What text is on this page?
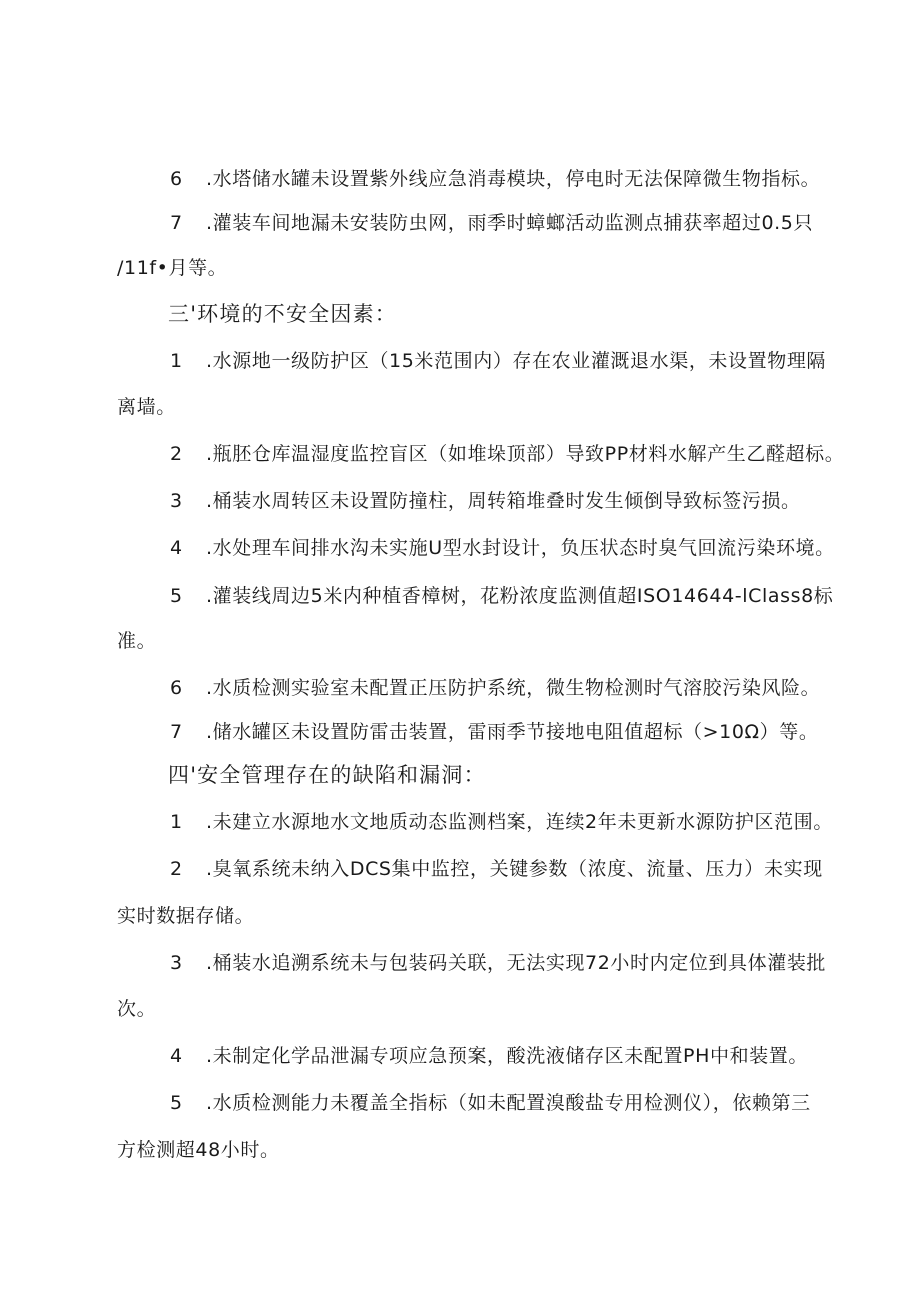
6 .水塔储水罐未设置紫外线应急消毒模块，停电时无法保障微生物指标。
7 .灌装车间地漏未安装防虫网，雨季时蟑螂活动监测点捕获率超过0.5只
/11f•月等。
三'环境的不安全因素：
1 .水源地一级防护区（15米范围内）存在农业灌溉退水渠，未设置物理隔
离墙。
2 .瓶胚仓库温湿度监控盲区（如堆垛顶部）导致PP材料水解产生乙醛超标。
3 .桶装水周转区未设置防撞柱，周转箱堆叠时发生倾倒导致标签污损。
4 .水处理车间排水沟未实施U型水封设计，负压状态时臭气回流污染环境。
5 .灌装线周边5米内种植香樟树，花粉浓度监测值超ISO14644-lClass8标
准。
6 .水质检测实验室未配置正压防护系统，微生物检测时气溶胶污染风险。
7 .储水罐区未设置防雷击装置，雷雨季节接地电阻值超标（>10Ω）等。
四'安全管理存在的缺陷和漏洞：
1 .未建立水源地水文地质动态监测档案，连续2年未更新水源防护区范围。
2 .臭氧系统未纳入DCS集中监控，关键参数（浓度、流量、压力）未实现
实时数据存储。
3 .桶装水追溯系统未与包装码关联，无法实现72小时内定位到具体灌装批
次。
4 .未制定化学品泄漏专项应急预案，酸洗液储存区未配置PH中和装置。
5 .水质检测能力未覆盖全指标（如未配置溴酸盐专用检测仪），依赖第三
方检测超48小时。
